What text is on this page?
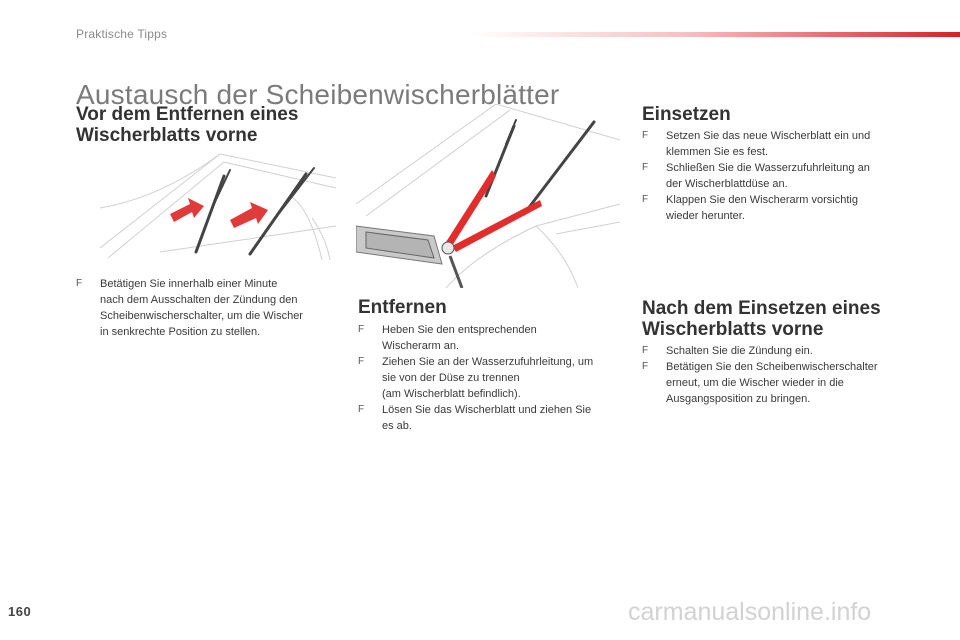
Praktische Tipps
Austausch der Scheibenwischerblätter
Vor dem Entfernen eines
Wischerblatts vorne
F Betätigen Sie innerhalb einer Minute
nach dem Ausschalten der Zündung den
Scheibenwischerschalter, um die Wischer
in senkrechte Position zu stellen.
Entfernen
F Heben Sie den entsprechenden
Wischerarm an.
F Ziehen Sie an der Wasserzufuhrleitung, um
sie von der Düse zu trennen
(am Wischerblatt befindlich).
F Lösen Sie das Wischerblatt und ziehen Sie
es ab.
Einsetzen
F Setzen Sie das neue Wischerblatt ein und
klemmen Sie es fest.
F Schließen Sie die Wasserzufuhrleitung an
der Wischerblattdüse an.
F Klappen Sie den Wischerarm vorsichtig
wieder herunter.
Nach dem Einsetzen eines
Wischerblatts vorne
F Schalten Sie die Zündung ein.
F Betätigen Sie den Scheibenwischerschalter
erneut, um die Wischer wieder in die
Ausgangsposition zu bringen.
160	carmanualsonline.info
